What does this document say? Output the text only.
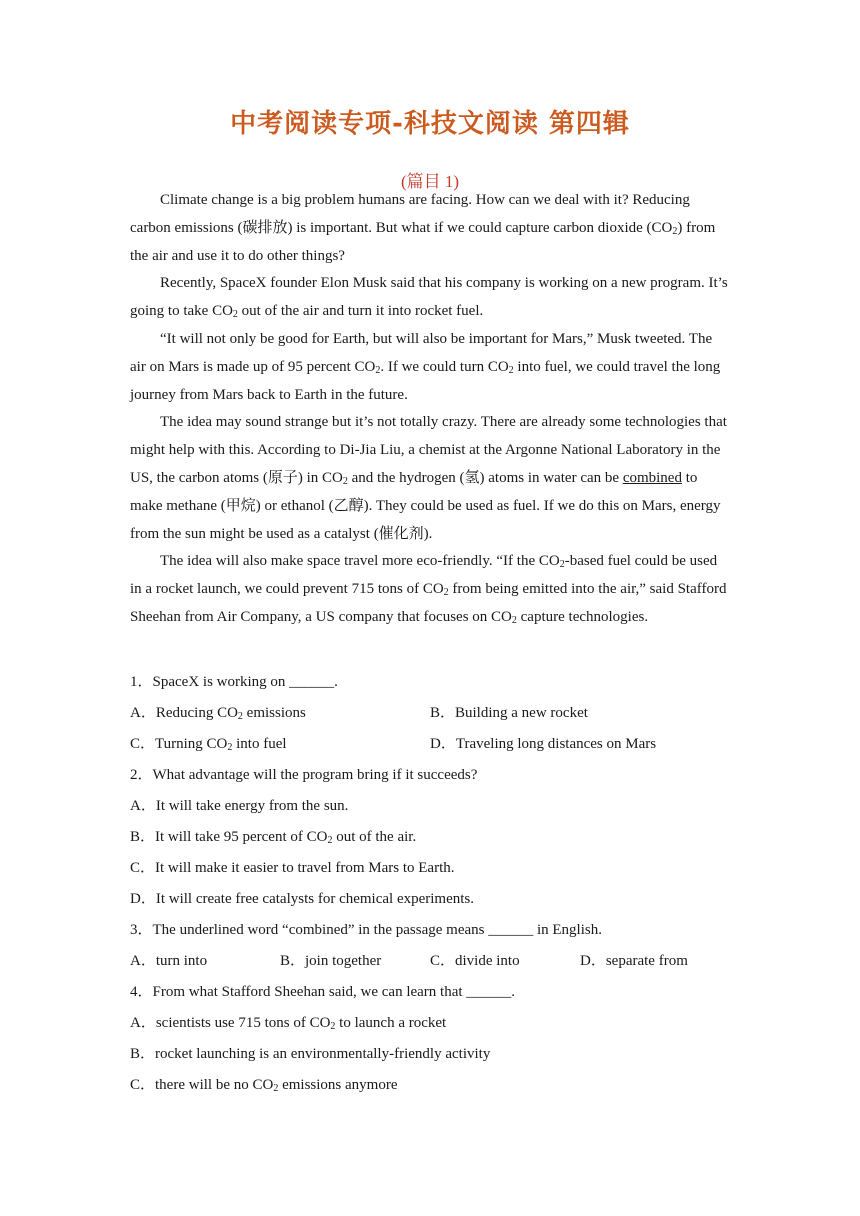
中考阅读专项-科技文阅读 第四辑
(篇目 1)

Climate change is a big problem humans are facing. How can we deal with it? Reducing carbon emissions (碳排放) is important. But what if we could capture carbon dioxide $(CO_2)$ from the air and use it to do other things?

Recently, SpaceX founder Elon Musk said that his company is working on a new program. It’s going to take $CO_2$ out of the air and turn it into rocket fuel.

“It will not only be good for Earth, but will also be important for Mars,” Musk tweeted. The air on Mars is made up of 95 percent $CO_2$. If we could turn $CO_2$ into fuel, we could travel the long journey from Mars back to Earth in the future.

The idea may sound strange but it’s not totally crazy. There are already some technologies that might help with this. According to Di-Jia Liu, a chemist at the Argonne National Laboratory in the US, the carbon atoms (原子) in $CO_2$ and the hydrogen (氢) atoms in water can be combined to make methane (甲烷) or ethanol (乙醇). They could be used as fuel. If we do this on Mars, energy from the sun might be used as a catalyst (催化剂).

The idea will also make space travel more eco-friendly. “If the $CO_2$-based fuel could be used in a rocket launch, we could prevent 715 tons of $CO_2$ from being emitted into the air,” said Stafford Sheehan from Air Company, a US company that focuses on $CO_2$ capture technologies.

1．SpaceX is working on ______.
A．Reducing $CO_2$ emissions	B．Building a new rocket
C．Turning $CO_2$ into fuel	D．Traveling long distances on Mars
2．What advantage will the program bring if it succeeds?
A．It will take energy from the sun.
B．It will take 95 percent of $CO_2$ out of the air.
C．It will make it easier to travel from Mars to Earth.
D．It will create free catalysts for chemical experiments.
3．The underlined word “combined” in the passage means ______ in English.
A．turn into	B．join together	C．divide into	D．separate from
4．From what Stafford Sheehan said, we can learn that ______.
A．scientists use 715 tons of $CO_2$ to launch a rocket
B．rocket launching is an environmentally-friendly activity
C．there will be no $CO_2$ emissions anymore
